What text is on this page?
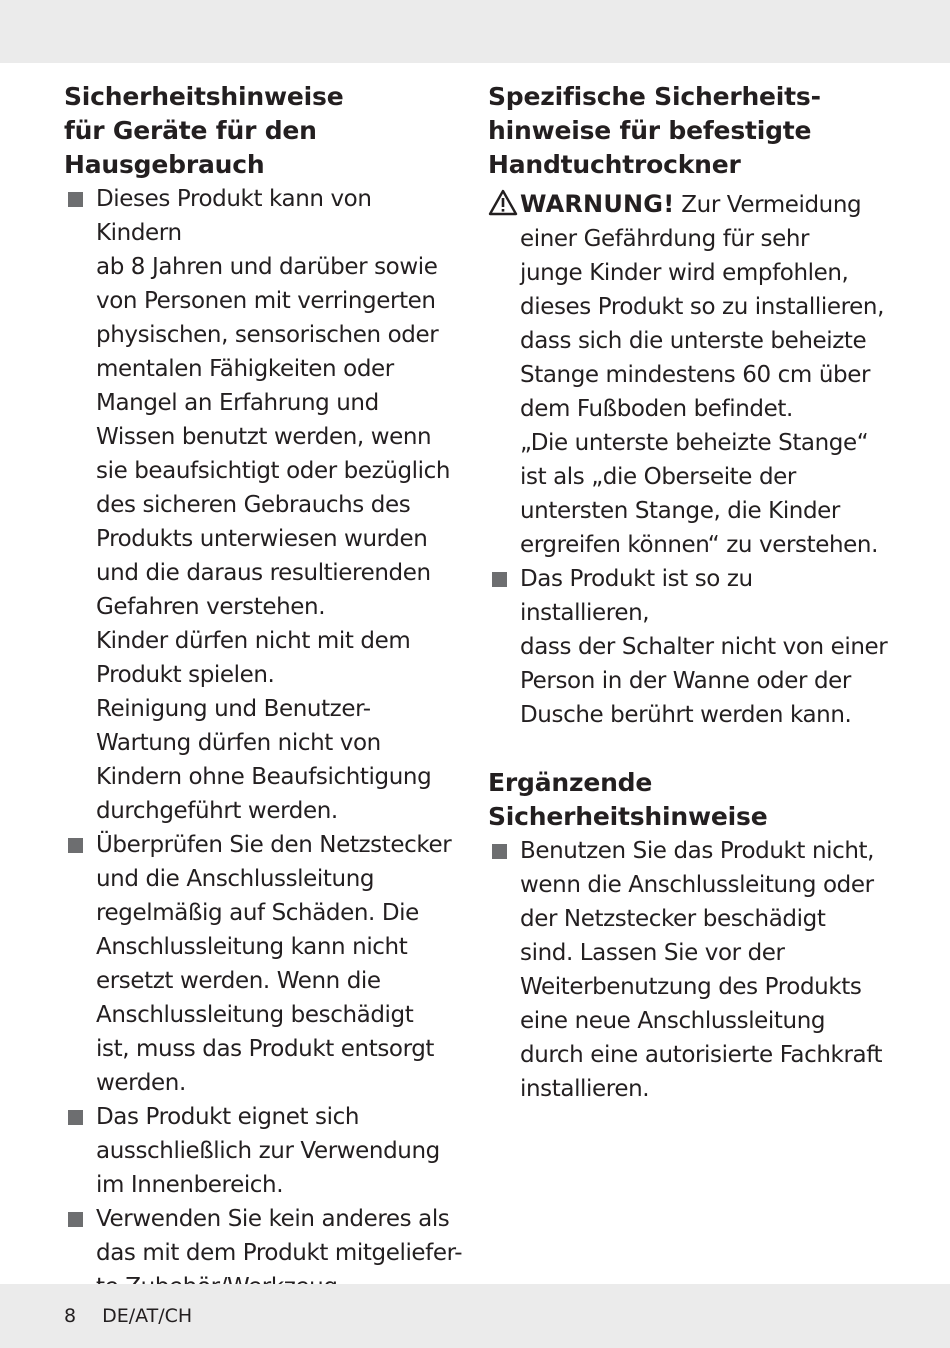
Sicherheitshinweise
für Geräte für den
Hausgebrauch
Dieses Produkt kann von Kindern
ab 8 Jahren und darüber sowie
von Personen mit verringerten
physischen, sensorischen oder
mentalen Fähigkeiten oder
Mangel an Erfahrung und
Wissen benutzt werden, wenn
sie beaufsichtigt oder bezüglich
des sicheren Gebrauchs des
Produkts unterwiesen wurden
und die daraus resultierenden
Gefahren verstehen.
Kinder dürfen nicht mit dem
Produkt spielen.
Reinigung und Benutzer-
Wartung dürfen nicht von
Kindern ohne Beaufsichtigung
durchgeführt werden.
Überprüfen Sie den Netzstecker
und die Anschlussleitung
regelmäßig auf Schäden. Die
Anschlussleitung kann nicht
ersetzt werden. Wenn die
Anschlussleitung beschädigt
ist, muss das Produkt entsorgt
werden.
Das Produkt eignet sich
ausschließlich zur Verwendung
im Innenbereich.
Verwenden Sie kein anderes als
das mit dem Produkt mitgeliefer-
Spezifische Sicherheits-
hinweise für befestigte
Handtuchtrockner
WARNUNG! Zur Vermeidung
einer Gefährdung für sehr
junge Kinder wird empfohlen,
dieses Produkt so zu installieren,
dass sich die unterste beheizte
Stange mindestens 60 cm über
dem Fußboden befindet.
„Die unterste beheizte Stange“
ist als „die Oberseite der
untersten Stange, die Kinder
ergreifen können“ zu verstehen.
Das Produkt ist so zu installieren,
dass der Schalter nicht von einer
Person in der Wanne oder der
Dusche berührt werden kann.
Ergänzende
Sicherheitshinweise
Benutzen Sie das Produkt nicht,
wenn die Anschlussleitung oder
der Netzstecker beschädigt
sind. Lassen Sie vor der
Weiterbenutzung des Produkts
eine neue Anschlussleitung
durch eine autorisierte Fachkraft
installieren.
8 DE/AT/CH
